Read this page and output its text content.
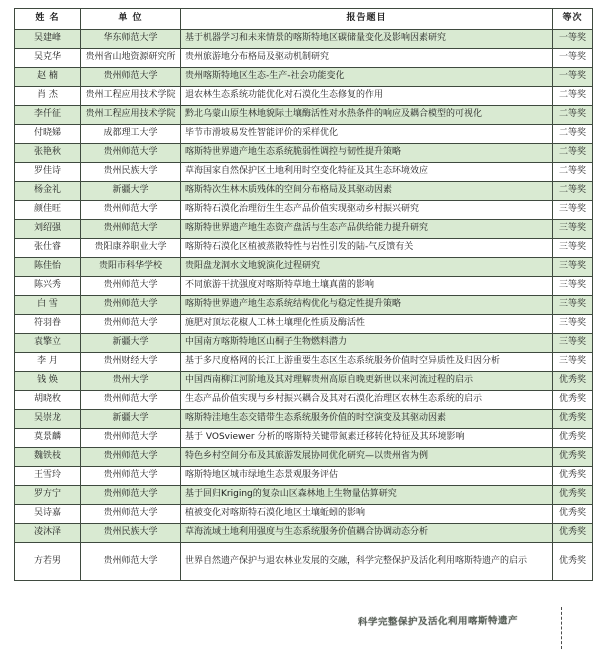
姓 名	单 位	报告题目	等次
吴建峰	华东师范大学	基于机器学习和未来情景的喀斯特地区碳储量变化及影响因素研究	一等奖
吴克华	贵州省山地资源研究所	贵州旅游地分布格局及驱动机制研究	一等奖
赵 楠	贵州师范大学	贵州喀斯特地区生态-生产-社会功能变化	一等奖
肖 杰	贵州工程应用技术学院	退农林生态系统功能优化对石漠化生态修复的作用	二等奖
李仟征	贵州工程应用技术学院	黔北乌蒙山原生林地貌际土壤酶活性对水热条件的响应及耦合模型的可视化	二等奖
付晓娣	成都理工大学	毕节市滑坡易发性智能评价的采样优化	二等奖
张艳秋	贵州师范大学	喀斯特世界遗产地生态系统脆弱性调控与韧性提升策略	二等奖
罗佳诗	贵州民族大学	草海国家自然保护区土地利用时空变化特征及其生态环境效应	二等奖
杨金礼	新疆大学	喀斯特次生林木质残体的空间分布格局及其驱动因素	二等奖
颜佳旺	贵州师范大学	喀斯特石漠化治理衍生生态产品价值实现驱动乡村振兴研究	三等奖
刘绍强	贵州师范大学	喀斯特世界遗产地生态资产盘活与生态产品供给能力提升研究	三等奖
张仕睿	贵阳康养职业大学	喀斯特石漠化区植被蒸散特性与岩性引发的陆-气反馈有关	三等奖
陈佳怡	贵阳市科华学校	贵阳盘龙洞水文地貌演化过程研究	三等奖
陈兴秀	贵州师范大学	不同旅游干扰强度对喀斯特草地土壤真菌的影响	三等奖
白 雪	贵州师范大学	喀斯特世界遗产地生态系统结构优化与稳定性提升策略	三等奖
符羽眷	贵州师范大学	施肥对顶坛花椒人工林土壤理化性质及酶活性	三等奖
袁擎立	新疆大学	中国南方喀斯特地区山桐子生物燃料潜力	三等奖
李 月	贵州财经大学	基于多尺度格网的长江上游重要生态区生态系统服务价值时空异质性及归因分析	三等奖
钱 焕	贵州大学	中国西南柳江河阶地及其对理解贵州高原自晚更新世以来河流过程的启示	优秀奖
胡晓枚	贵州师范大学	生态产品价值实现与乡村振兴耦合及其对石漠化治理区农林生态系统的启示	优秀奖
吴崇龙	新疆大学	喀斯特洼地生态交错带生态系统服务价值的时空演变及其驱动因素	优秀奖
莫景麟	贵州师范大学	基于 VOSviewer 分析的喀斯特关键带氮素迁移转化特征及其环境影响	优秀奖
魏铁枝	贵州师范大学	特色乡村空间分布及其旅游发展协同优化研究—以贵州省为例	优秀奖
王雪玲	贵州师范大学	喀斯特地区城市绿地生态景观服务评估	优秀奖
罗方宁	贵州师范大学	基于回归Kriging的复杂山区森林地上生物量估算研究	优秀奖
吴诗嘉	贵州师范大学	植被变化对喀斯特石漠化地区土壤蚯蚓的影响	优秀奖
凌沐泽	贵州民族大学	草海流域土地利用强度与生态系统服务价值耦合协调动态分析	优秀奖
方若男	贵州师范大学	世界自然遗产保护与退农林业发展的交融，科学完整保护及活化利用喀斯特遗产的启示	优秀奖
科学完整保护及活化利用喀斯特遗产
